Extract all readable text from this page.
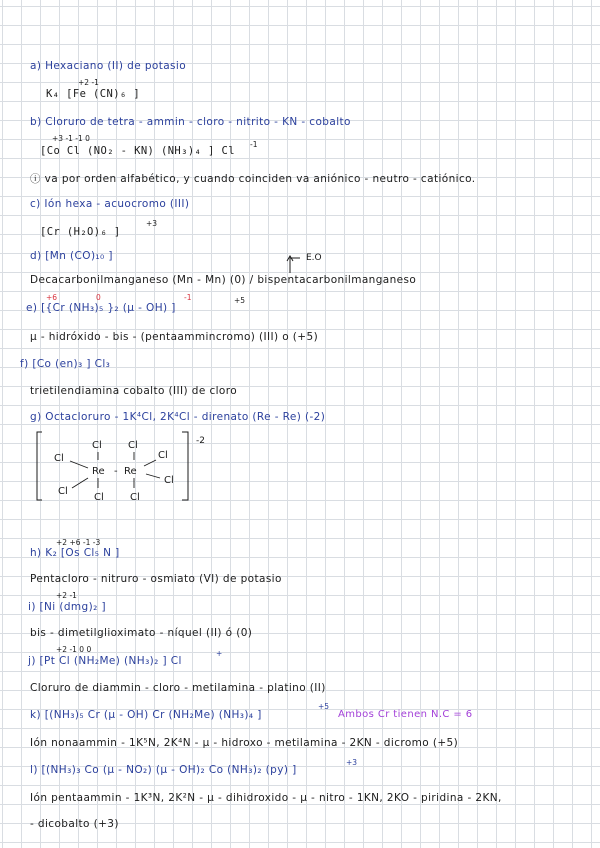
a) Hexaciano (II) de potasio
+2 -1
K₄ [Fe (CN)₆ ]
b) Cloruro de tetra - ammin - cloro - nitrito - KN - cobalto
+3 -1 -1 0
-1
[Co Cl (NO₂ - KN) (NH₃)₄ ] Cl
ⓘ va por orden alfabético, y cuando coinciden va aniónico - neutro - catiónico.
c) Ión hexa - acuocromo (III)
[Cr (H₂O)₆ ]
+3
d) [Mn (CO)₁₀ ]	E.O
Decacarbonilmanganeso (Mn - Mn) (0) / bispentacarbonilmanganeso
+6	0	-1
e) [{Cr (NH₃)₅ }₂ (μ - OH) ]
+5
μ - hidróxido - bis - (pentaammincromo) (III) o (+5)
f) [Co (en)₃ ] Cl₃
trietilendiamina cobalto (III) de cloro
g) Octacloruro - 1K⁴Cl, 2K⁴Cl - direnato (Re - Re) (-2)
Cl
Cl	Cl
Cl
Re - Re
Cl
Cl
Cl	Cl
-2
+2 +6 -1 -3
h) K₂ [Os Cl₅ N ]
Pentacloro - nitruro - osmiato (VI) de potasio
+2 -1
i) [Ni (dmg)₂ ]
bis - dimetilglioximato - níquel (II) ó (0)
+2 -1 0 0	+
j) [Pt Cl (NH₂Me) (NH₃)₂ ] Cl
Cloruro de diammin - cloro - metilamina - platino (II)
k) [(NH₃)₅ Cr (μ - OH) Cr (NH₂Me) (NH₃)₄ ]
+5
Ambos Cr tienen N.C = 6
Ión nonaammin - 1K⁵N, 2K⁴N - μ - hidroxo - metilamina - 2KN - dicromo (+5)
l) [(NH₃)₃ Co (μ - NO₂) (μ - OH)₂ Co (NH₃)₂ (py) ]
+3
Ión pentaammin - 1K³N, 2K²N - μ - dihidroxido - μ - nitro - 1KN, 2KO - piridina - 2KN,
- dicobalto (+3)
